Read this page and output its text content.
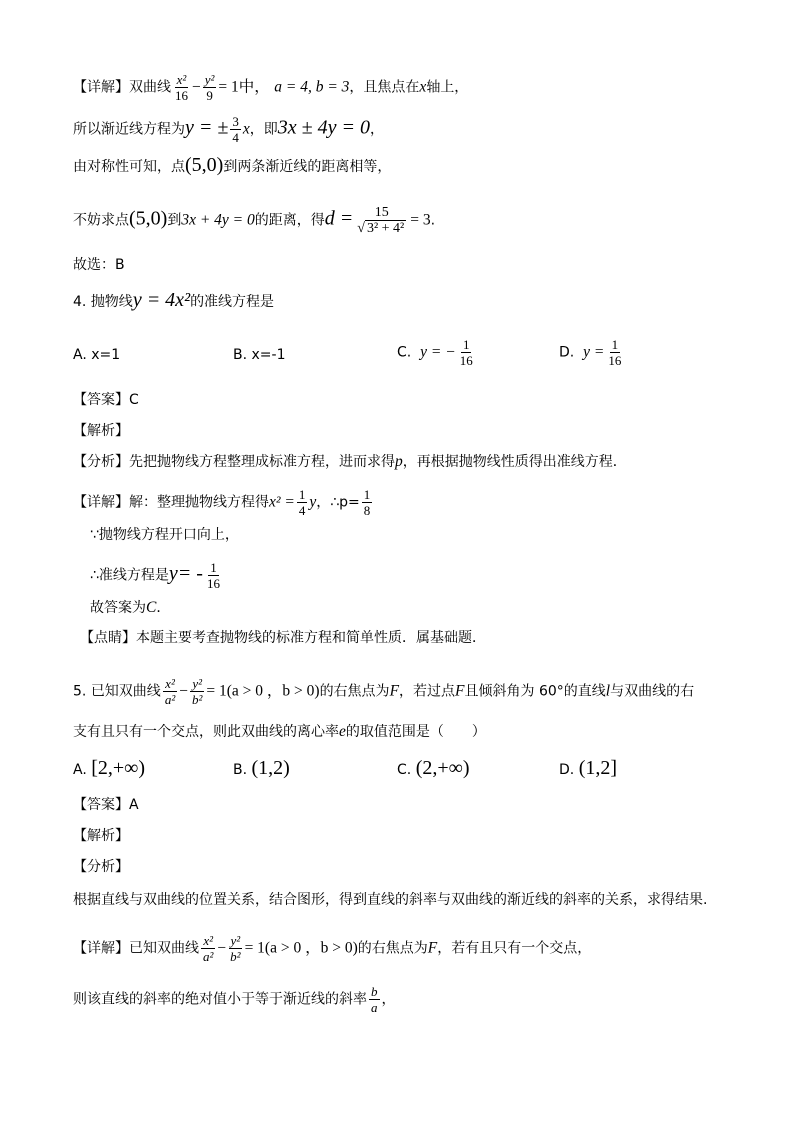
【详解】双曲线 $\frac{\text{x²}}{16} - \frac{\text{y²}}{9} = 1$中， a = 4, b = 3，且焦点在x轴上，
所以渐近线方程为y = ± $\frac{3}{4}$ x，即3x ± 4y = 0，
由对称性可知，点(5,0)到两条渐近线的距离相等，
不妨求点(5,0)到3x + 4y = 0的距离，得$d = \frac{15}{\text{√ 3² + 4²}} = 3$.
故选：B
4. 抛物线y = 4x²的准线方程是
A. x=1	B. x=-1	C. y = − $\frac{1}{16}$	D. $y = \frac{1}{16}$
【答案】C
【解析】
【分析】先把抛物线方程整理成标准方程，进而求得p，再根据抛物线性质得出准线方程．
【详解】解：整理抛物线方程得$x^2 = \frac{1}{4}$ y，∴p= $\frac{1}{8}$
∵抛物线方程开口向上，
∴准线方程是$y= - \frac{1}{16}$
故答案为C．
【点睛】本题主要考查抛物线的标准方程和简单性质．属基础题．
5. 已知双曲线 $\frac{\text{x²}}{\text{a²}} - \frac{\text{y²}}{\text{b²}} = 1(a > 0$ ，b > 0)的右焦点为F，若过点F且倾斜角为 60°的直线l与双曲线的右
支有且只有一个交点，则此双曲线的离心率e的取值范围是（　　）
A. [2,+∞)	B. (1,2)	C. (2,+∞)	D. (1,2]
【答案】A
【解析】
【分析】
根据直线与双曲线的位置关系，结合图形，得到直线的斜率与双曲线的渐近线的斜率的关系，求得结果.
【详解】已知双曲线 $\frac{\text{x²}}{\text{a²}} - \frac{\text{y²}}{\text{b²}} = 1(a > 0$ ，b > 0)的右焦点为F，若有且只有一个交点，
则该直线的斜率的绝对值小于等于渐近线的斜率 $\frac{b}{a}$ ，
